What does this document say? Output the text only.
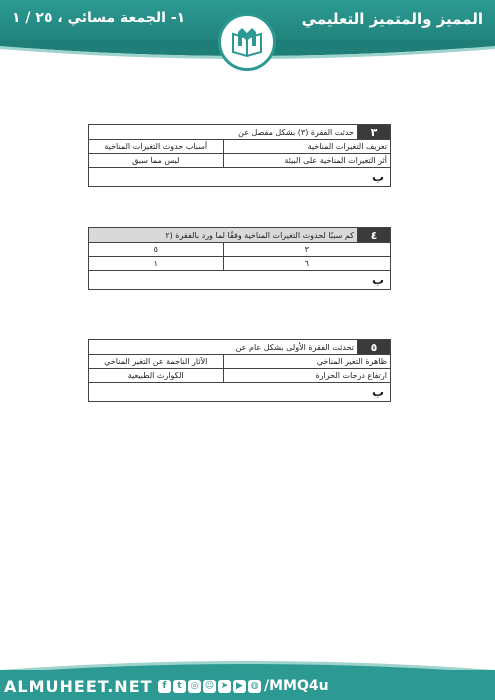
١- الجمعة مسائي ، ٢٥ / ١	المميز والمتميز التعليمي
٣	حدثت الفقرة (٣) بشكل مفصل عن	
تعريف التغيرات المناخية		أسباب حدوث التغيرات المناخية
أثر التغيرات المناخية على البيئة		ليس مما سبق
ب		
٤	كم سببًا لحدوث التغيرات المناخية وفقًا لما ورد بالفقرة (٢	
٣		٥
٦		١
ب		
٥	تحدثت الفقرة الأولى بشكل عام عن	
ظاهرة التغير المناخي		الآثار الناجمة عن التغير المناخي
ارتفاع درجات الحرارة		الكوارث الطبيعية
ب		
ALMUHEET.NET	f	t ◎ ☺ ➤ ▶ ◍ /MMQ4u
